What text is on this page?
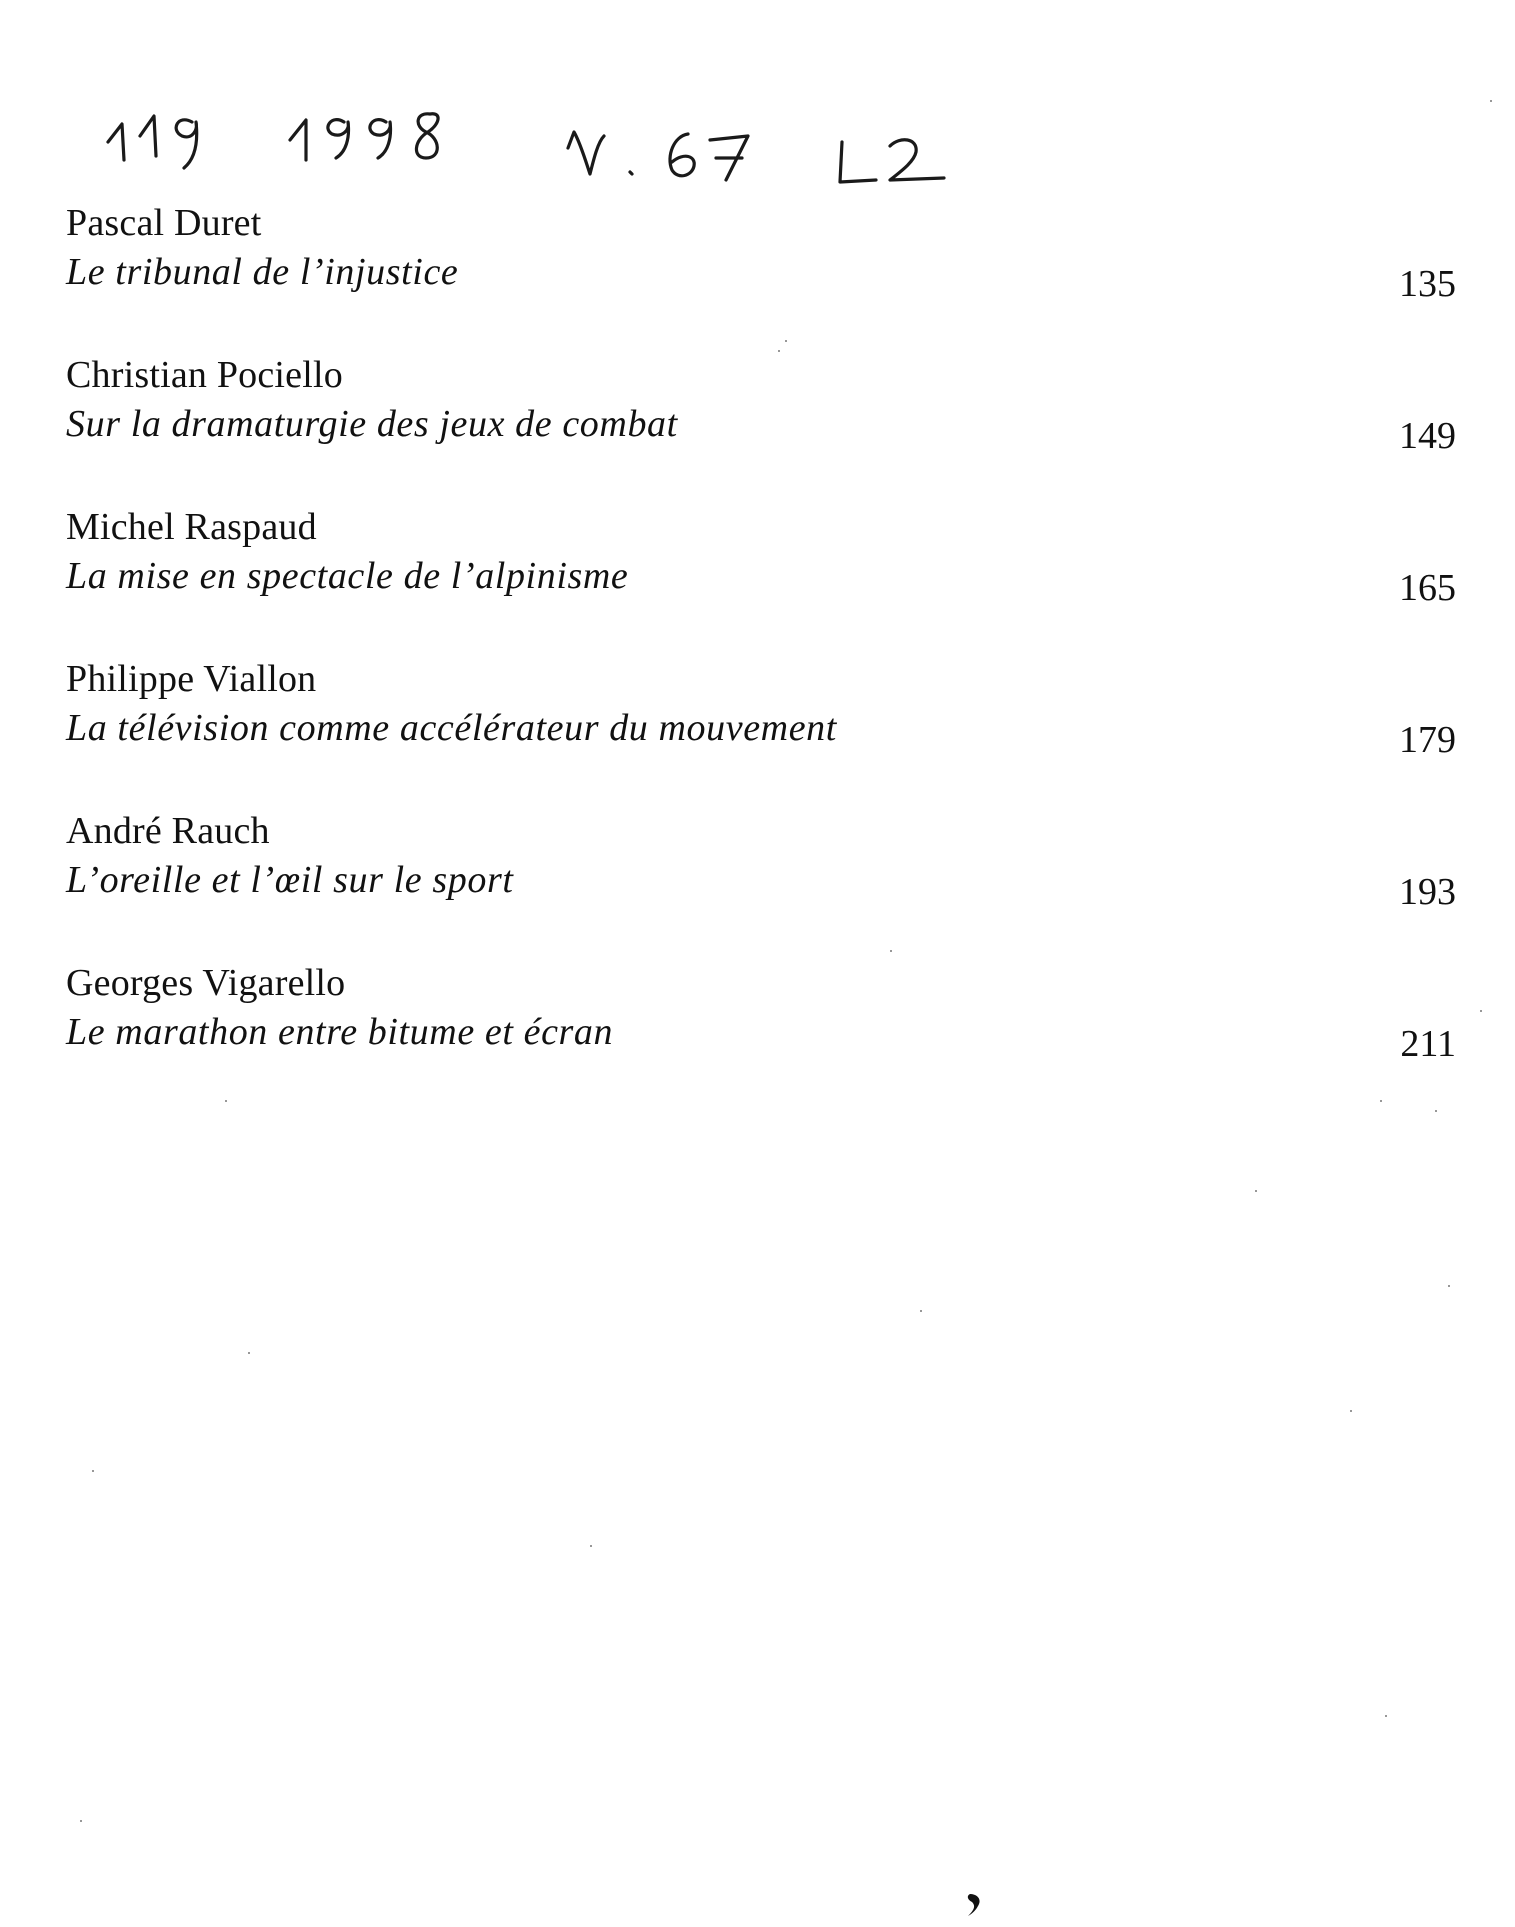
Pascal Duret
Le tribunal de l’injustice	135
Christian Pociello
Sur la dramaturgie des jeux de combat	149
Michel Raspaud
La mise en spectacle de l’alpinisme	165
Philippe Viallon
La télévision comme accélérateur du mouvement	179
André Rauch
L’oreille et l’œil sur le sport	193
Georges Vigarello
Le marathon entre bitume et écran	211
